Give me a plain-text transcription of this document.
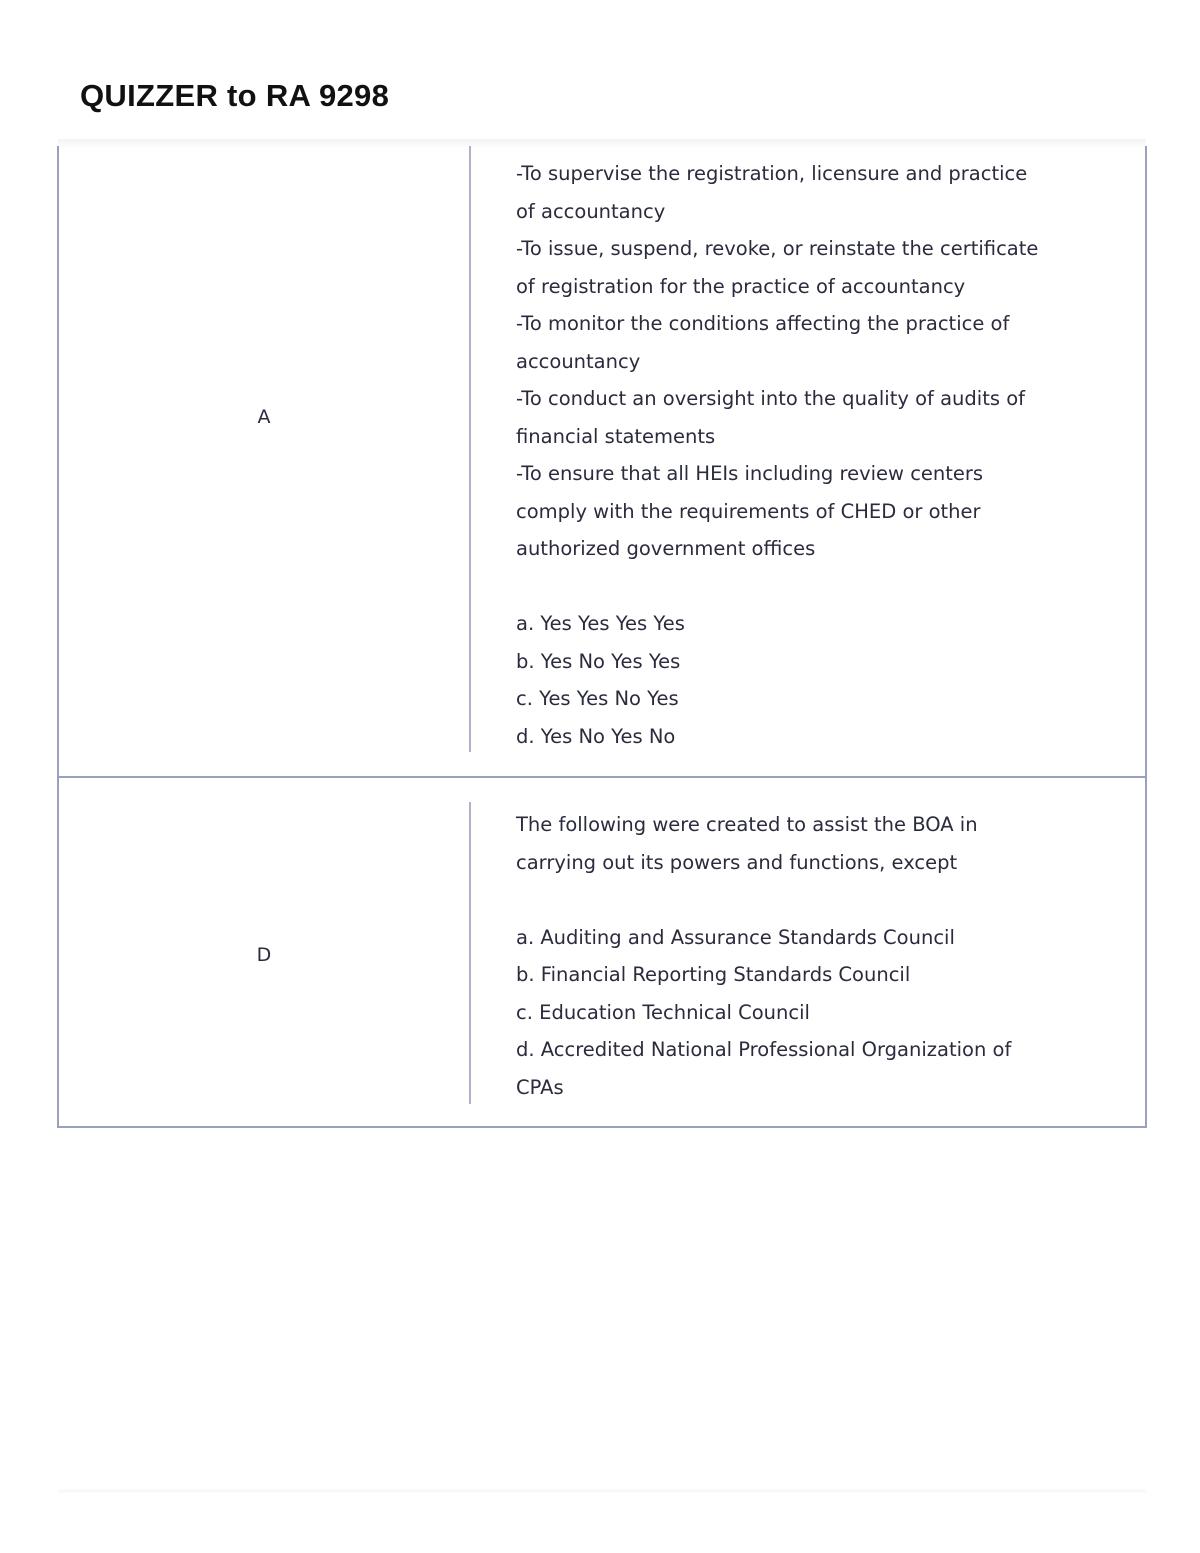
QUIZZER to RA 9298
A
-To supervise the registration, licensure and practice
of accountancy
-To issue, suspend, revoke, or reinstate the certificate
of registration for the practice of accountancy
-To monitor the conditions affecting the practice of
accountancy
-To conduct an oversight into the quality of audits of
financial statements
-To ensure that all HEIs including review centers
comply with the requirements of CHED or other
authorized government offices
a. Yes Yes Yes Yes
b. Yes No Yes Yes
c. Yes Yes No Yes
d. Yes No Yes No
D
The following were created to assist the BOA in
carrying out its powers and functions, except
a. Auditing and Assurance Standards Council
b. Financial Reporting Standards Council
c. Education Technical Council
d. Accredited National Professional Organization of
CPAs
